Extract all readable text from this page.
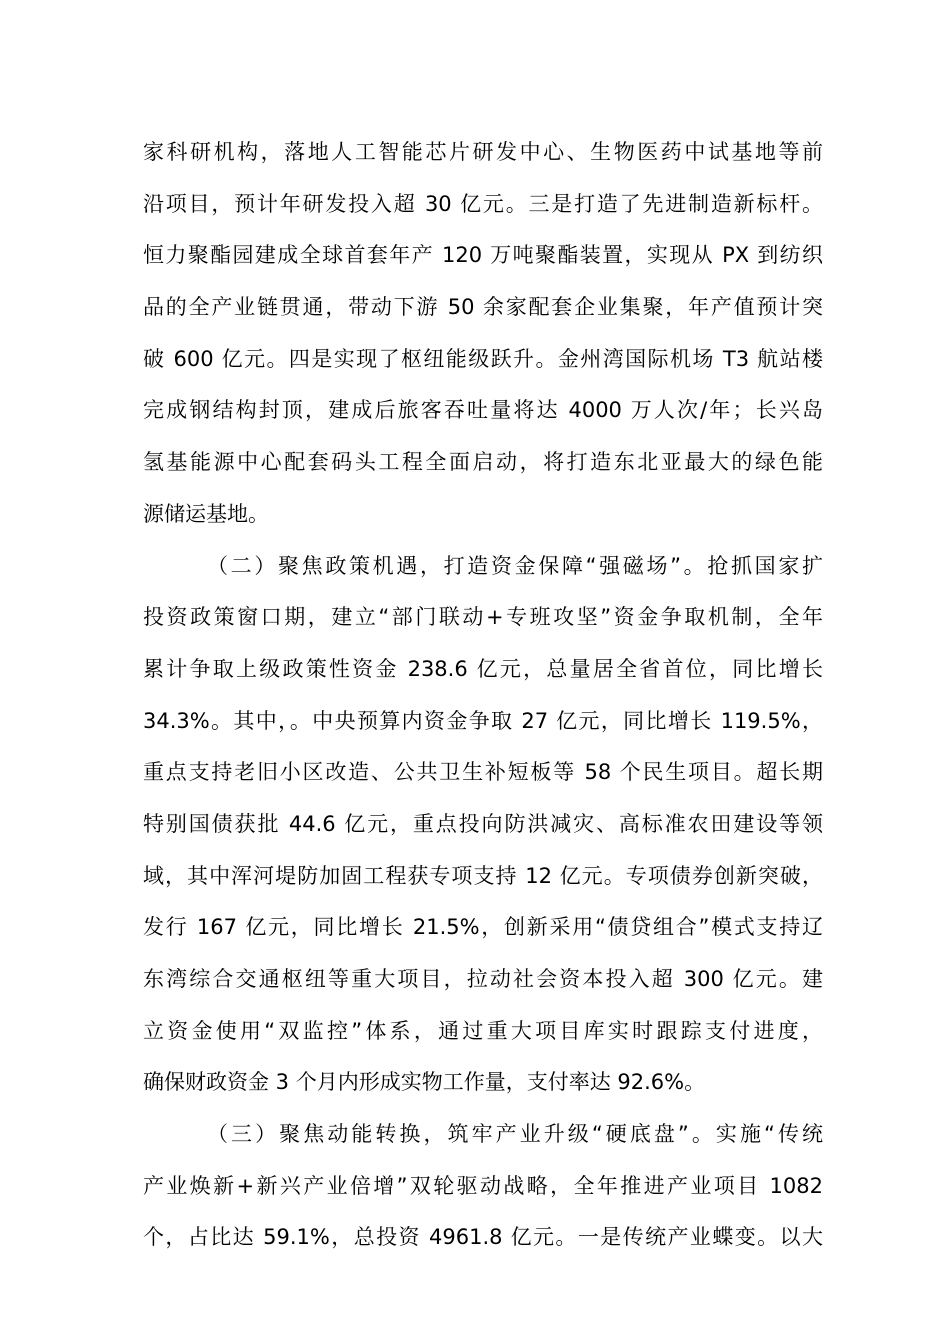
家科研机构，落地人工智能芯片研发中心、生物医药中试基地等前
沿项目，预计年研发投入超 30 亿元。三是打造了先进制造新标杆。
恒力聚酯园建成全球首套年产 120 万吨聚酯装置，实现从 PX 到纺织
品的全产业链贯通，带动下游 50 余家配套企业集聚，年产值预计突
破 600 亿元。四是实现了枢纽能级跃升。金州湾国际机场 T3 航站楼
完成钢结构封顶，建成后旅客吞吐量将达 4000 万人次/年；长兴岛
氢基能源中心配套码头工程全面启动，将打造东北亚最大的绿色能
源储运基地。
（二）聚焦政策机遇，打造资金保障“强磁场”。抢抓国家扩
投资政策窗口期，建立“部门联动+专班攻坚”资金争取机制，全年
累计争取上级政策性资金 238.6 亿元，总量居全省首位，同比增长
34.3%。其中，。中央预算内资金争取 27 亿元，同比增长 119.5%，
重点支持老旧小区改造、公共卫生补短板等 58 个民生项目。超长期
特别国债获批 44.6 亿元，重点投向防洪减灾、高标准农田建设等领
域，其中浑河堤防加固工程获专项支持 12 亿元。专项债券创新突破，
发行 167 亿元，同比增长 21.5%，创新采用“债贷组合”模式支持辽
东湾综合交通枢纽等重大项目，拉动社会资本投入超 300 亿元。建
立资金使用“双监控”体系，通过重大项目库实时跟踪支付进度，
确保财政资金 3 个月内形成实物工作量，支付率达 92.6%。
（三）聚焦动能转换，筑牢产业升级“硬底盘”。实施“传统
产业焕新+新兴产业倍增”双轮驱动战略，全年推进产业项目 1082
个，占比达 59.1%，总投资 4961.8 亿元。一是传统产业蝶变。以大
